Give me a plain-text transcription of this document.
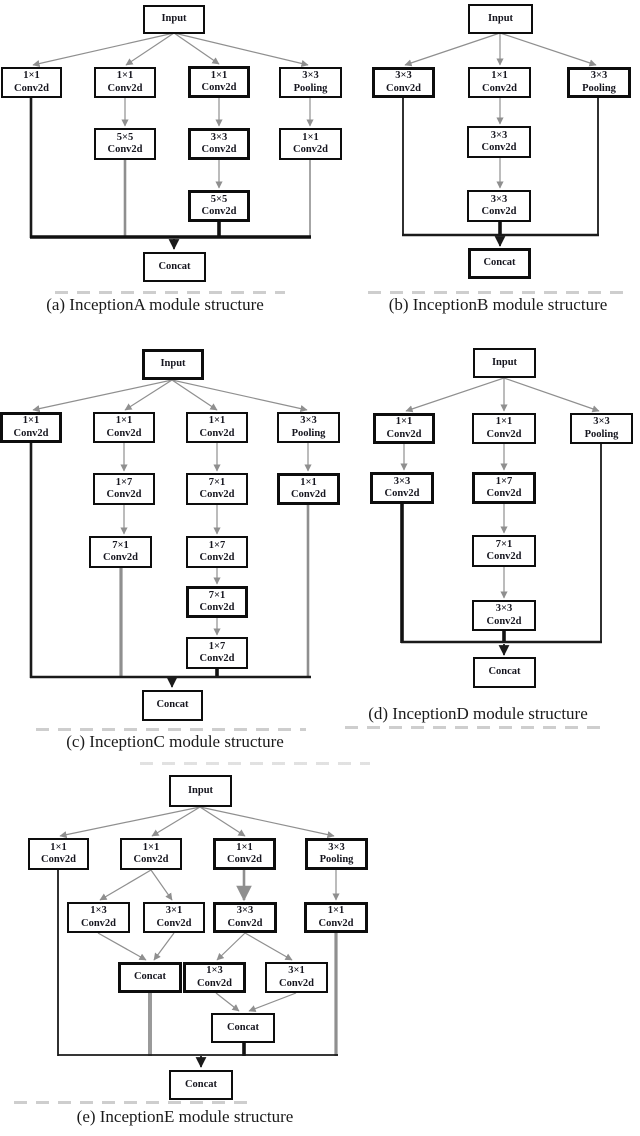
Input
1×1
Conv2d
1×1
Conv2d
1×1
Conv2d
3×3
Pooling
5×5
Conv2d
3×3
Conv2d
1×1
Conv2d
5×5
Conv2d
Concat
(a) InceptionA module structure
Input
3×3
Conv2d
1×1
Conv2d
3×3
Pooling
3×3
Conv2d
3×3
Conv2d
Concat
(b) InceptionB module structure
Input
1×1
Conv2d
1×1
Conv2d
1×1
Conv2d
3×3
Pooling
1×7
Conv2d
7×1
Conv2d
1×1
Conv2d
7×1
Conv2d
1×7
Conv2d
7×1
Conv2d
1×7
Conv2d
Concat
(c) InceptionC module structure
Input
1×1
Conv2d
1×1
Conv2d
3×3
Pooling
3×3
Conv2d
1×7
Conv2d
7×1
Conv2d
3×3
Conv2d
Concat
(d) InceptionD module structure
Input
1×1
Conv2d
1×1
Conv2d
1×1
Conv2d
3×3
Pooling
1×3
Conv2d
3×1
Conv2d
3×3
Conv2d
1×1
Conv2d
Concat
1×3
Conv2d
3×1
Conv2d
Concat
Concat
(e) InceptionE module structure
